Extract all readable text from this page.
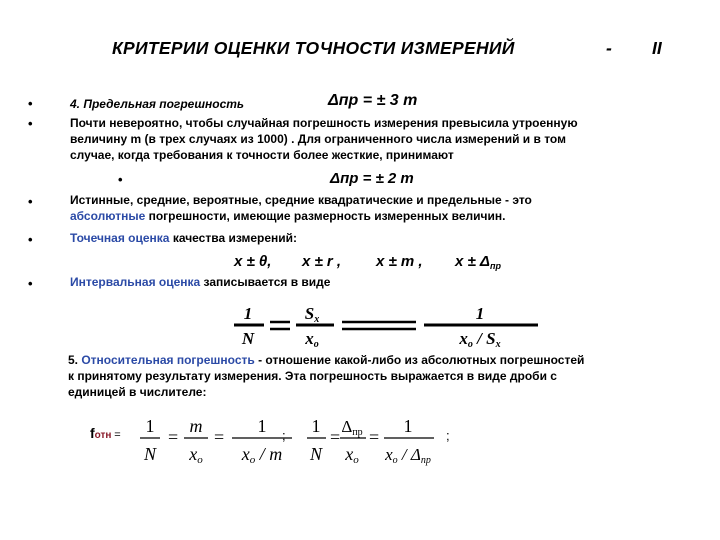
КРИТЕРИИ ОЦЕНКИ ТОЧНОСТИ ИЗМЕРЕНИЙ	- II
•	4. Предельная погрешность	Δпр = ± 3 m
•	Почти невероятно, чтобы случайная погрешность измерения превысила утроенную
величину m (в трех случаях из 1000) . Для ограниченного числа измерений и в том
случае, когда требования к точности более жесткие, принимают
•	Δпр = ± 2 m
•	Истинные, средние, вероятные, средние квадратические и предельные - это
абсолютные погрешности, имеющие размерность измеренных величин.
•	Точечная оценка качества измерений:
x ± θ, x ± r , x ± m , $x \pm \Delta_{пр}$
•	Интервальная оценка записывается в виде
1
N
Sx
xo
1
xo / Sx
5. Относительная погрешность - отношение какой-либо из абсолютных погрешностей
к принятому результату измерения. Эта погрешность выражается в виде дроби с
единицей в числителе:
fотн = 1
N
=
m
xo
=
1
xo / m
; 1
N
=
Δпр
xo
=
1
xo / Δпр
;
